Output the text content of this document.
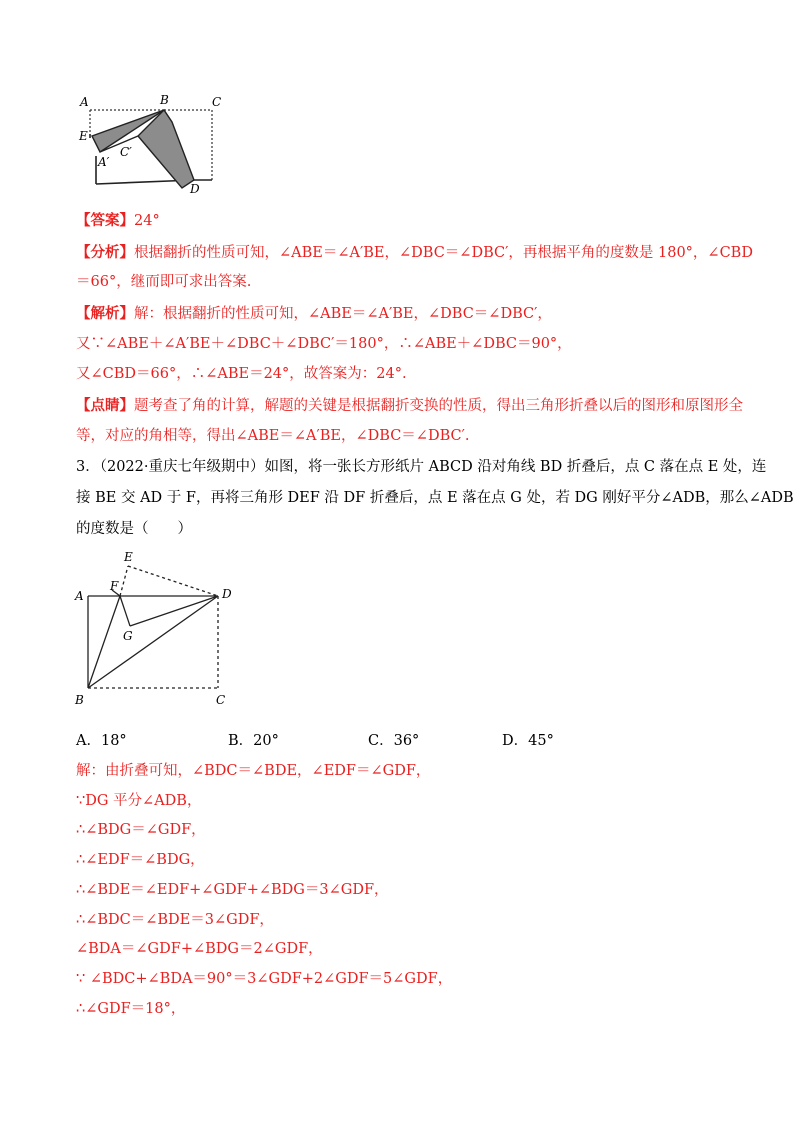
A	B	C
E
C′
A′
D
【答案】24°
【分析】根据翻折的性质可知，∠ABE＝∠A′BE，∠DBC＝∠DBC′，再根据平角的度数是 180°，∠CBD
＝66°，继而即可求出答案.
【解析】解：根据翻折的性质可知，∠ABE＝∠A′BE，∠DBC＝∠DBC′，
又∵∠ABE＋∠A′BE＋∠DBC＋∠DBC′＝180°，∴∠ABE＋∠DBC＝90°，
又∠CBD＝66°，∴∠ABE＝24°，故答案为：24°.
【点睛】题考查了角的计算，解题的关键是根据翻折变换的性质，得出三角形折叠以后的图形和原图形全
等，对应的角相等，得出∠ABE＝∠A′BE，∠DBC＝∠DBC′.
3．（2022·重庆七年级期中）如图，将一张长方形纸片 ABCD 沿对角线 BD 折叠后，点 C 落在点 E 处，连
接 BE 交 AD 于 F，再将三角形 DEF 沿 DF 折叠后，点 E 落在点 G 处，若 DG 刚好平分∠ADB，那么∠ADB
的度数是（　　）
E
F
A	D
G
B	C
A．18°	B．20°	C．36°	D．45°
解：由折叠可知，∠BDC＝∠BDE，∠EDF＝∠GDF，
∵DG 平分∠ADB，
∴∠BDG＝∠GDF，
∴∠EDF＝∠BDG，
∴∠BDE＝∠EDF+∠GDF+∠BDG＝3∠GDF，
∴∠BDC＝∠BDE＝3∠GDF，
∠BDA＝∠GDF+∠BDG＝2∠GDF，
∵ ∠BDC+∠BDA＝90°＝3∠GDF+2∠GDF＝5∠GDF，
∴∠GDF＝18°，
